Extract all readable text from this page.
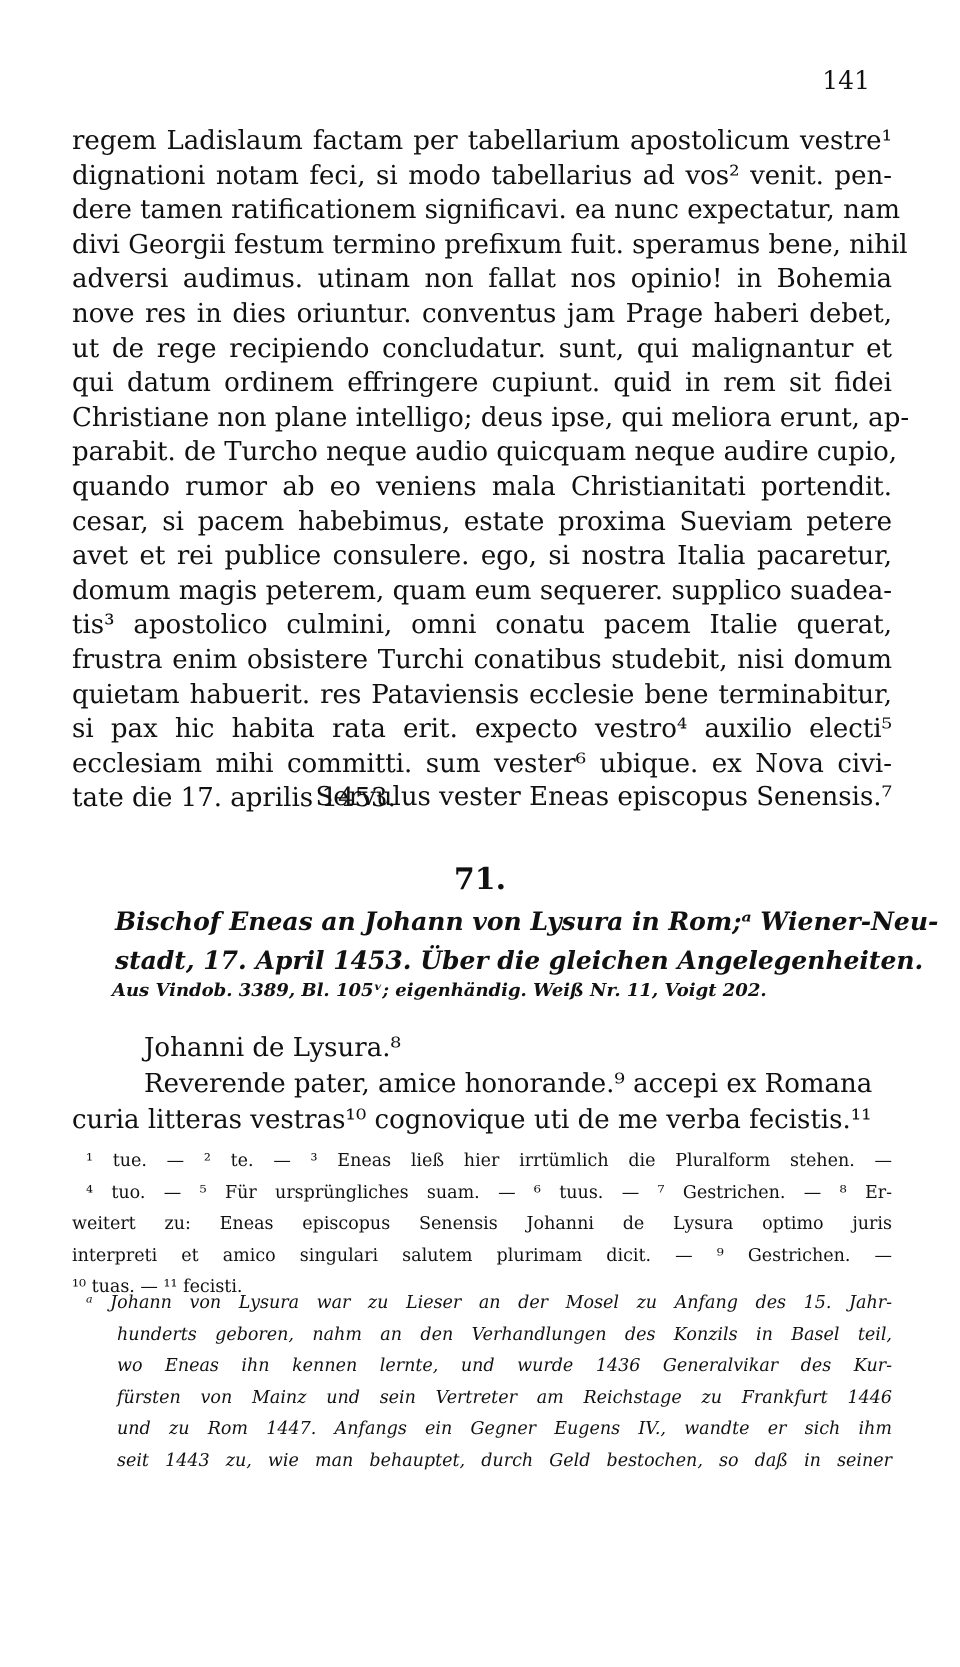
141
regem Ladislaum factam per tabellarium apostolicum vestre¹
dignationi notam feci, si modo tabellarius ad vos² venit. pen-
dere tamen ratificationem significavi. ea nunc expectatur, nam
divi Georgii festum termino prefixum fuit. speramus bene, nihil
adversi audimus. utinam non fallat nos opinio! in Bohemia
nove res in dies oriuntur. conventus jam Prage haberi debet,
ut de rege recipiendo concludatur. sunt, qui malignantur et
qui datum ordinem effringere cupiunt. quid in rem sit fidei
Christiane non plane intelligo; deus ipse, qui meliora erunt, ap-
parabit. de Turcho neque audio quicquam neque audire cupio,
quando rumor ab eo veniens mala Christianitati portendit.
cesar, si pacem habebimus, estate proxima Sueviam petere
avet et rei publice consulere. ego, si nostra Italia pacaretur,
domum magis peterem, quam eum sequerer. supplico suadea-
tis³ apostolico culmini, omni conatu pacem Italie querat,
frustra enim obsistere Turchi conatibus studebit, nisi domum
quietam habuerit. res Pataviensis ecclesie bene terminabitur,
si pax hic habita rata erit. expecto vestro⁴ auxilio electi⁵
ecclesiam mihi committi. sum vester⁶ ubique. ex Nova civi-
tate die 17. aprilis 1453.
Servulus vester Eneas episcopus Senensis.⁷
71.
Bischof Eneas an Johann von Lysura in Rom;ᵃ Wiener-Neu-
stadt, 17. April 1453. Über die gleichen Angelegenheiten.
Aus Vindob. 3389, Bl. 105ᵛ; eigenhändig. Weiß Nr. 11, Voigt 202.
Johanni de Lysura.⁸
Reverende pater, amice honorande.⁹ accepi ex Romana
curia litteras vestras¹⁰ cognovique uti de me verba fecistis.¹¹
¹ tue. — ² te. — ³ Eneas ließ hier irrtümlich die Pluralform stehen. —
⁴ tuo. — ⁵ Für ursprüngliches suam. — ⁶ tuus. — ⁷ Gestrichen. — ⁸ Er-
weitert zu: Eneas episcopus Senensis Johanni de Lysura optimo juris
interpreti et amico singulari salutem plurimam dicit. — ⁹ Gestrichen. —
¹⁰ tuas. — ¹¹ fecisti.
ᵃ Johann von Lysura war zu Lieser an der Mosel zu Anfang des 15. Jahr-
hunderts geboren, nahm an den Verhandlungen des Konzils in Basel teil,
wo Eneas ihn kennen lernte, und wurde 1436 Generalvikar des Kur-
fürsten von Mainz und sein Vertreter am Reichstage zu Frankfurt 1446
und zu Rom 1447. Anfangs ein Gegner Eugens IV., wandte er sich ihm
seit 1443 zu, wie man behauptet, durch Geld bestochen, so daß in seiner
